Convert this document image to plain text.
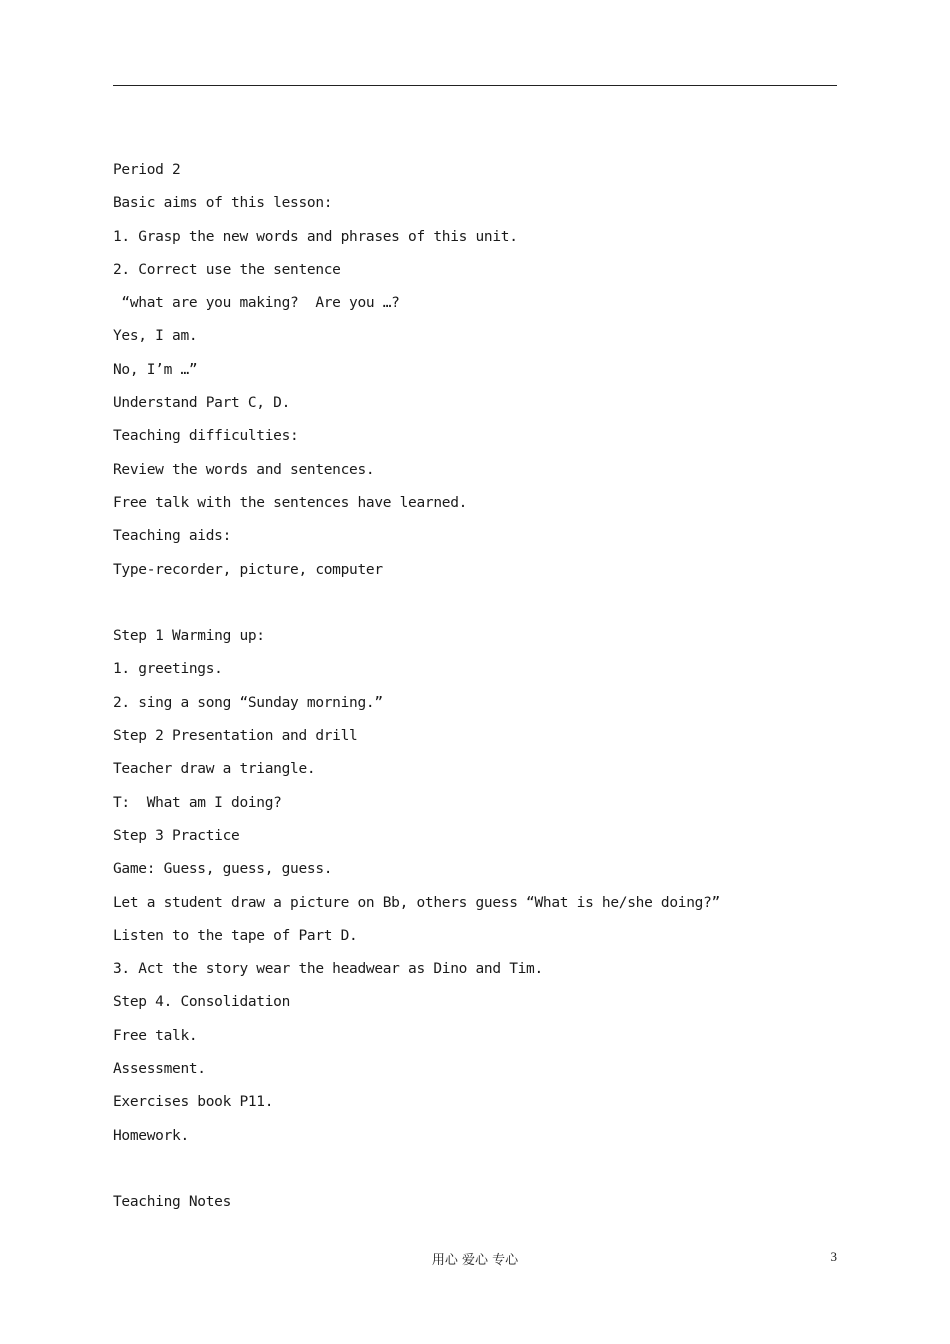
Period 2
Basic aims of this lesson:
1. Grasp the new words and phrases of this unit.
2. Correct use the sentence
“what are you making?  Are you …?
Yes, I am.
No, I’m …”
Understand Part C, D.
Teaching difficulties:
Review the words and sentences.
Free talk with the sentences have learned.
Teaching aids:
Type-recorder, picture, computer
Step 1 Warming up:
1. greetings.
2. sing a song “Sunday morning.”
Step 2 Presentation and drill
Teacher draw a triangle.
T:  What am I doing?
Step 3 Practice
Game: Guess, guess, guess.
Let a student draw a picture on Bb, others guess “What is he/she doing?”
Listen to the tape of Part D.
3. Act the story wear the headwear as Dino and Tim.
Step 4. Consolidation
Free talk.
Assessment.
Exercises book P11.
Homework.
Teaching Notes
用心 爱心 专心	3
